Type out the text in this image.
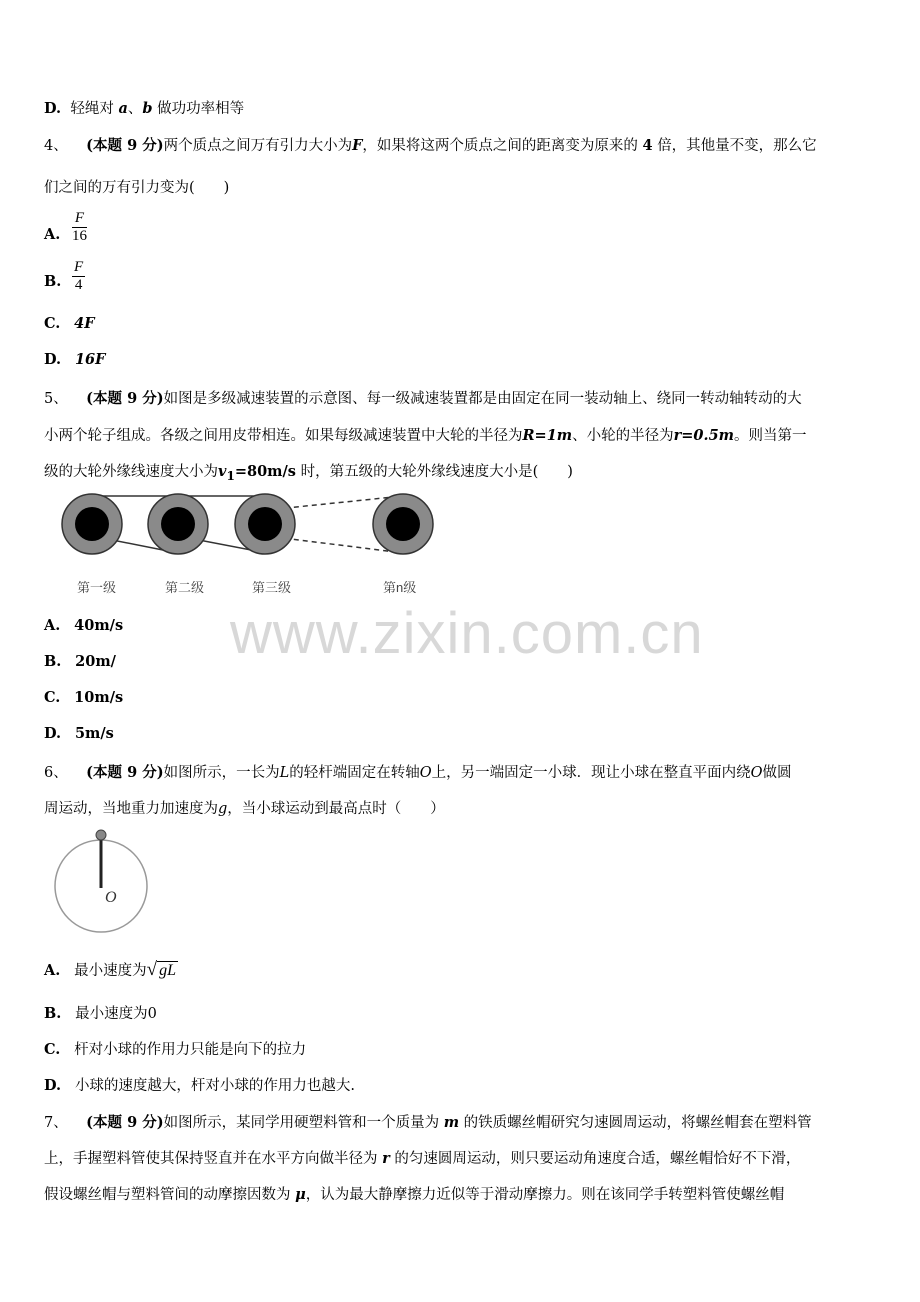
www.zixin.com.cn
D. 轻绳对 a、b 做功功率相等
4、 (本题 9 分)两个质点之间万有引力大小为F，如果将这两个质点之间的距离变为原来的 4 倍，其他量不变，那么它
们之间的万有引力变为(　　)
A.
F
16
B.
F
4
C. 4F
D. 16F
5、 (本题 9 分)如图是多级减速装置的示意图、每一级减速装置都是由固定在同一装动轴上、绕同一转动轴转动的大
小两个轮子组成。各级之间用皮带相连。如果每级减速装置中大轮的半径为R=1m、小轮的半径为r=0.5m。则当第一
级的大轮外缘线速度大小为$v_1=80m/s$ 时，第五级的大轮外缘线速度大小是(　　)
第一级	第二级	第三级	第n级
A. 40m/s
B. 20m/
C. 10m/s
D. 5m/s
6、 (本题 9 分)如图所示，一长为L的轻杆端固定在转轴O上，另一端固定一小球．现让小球在整直平面内绕O做圆
周运动，当地重力加速度为g，当小球运动到最高点时（　　）
O
A. 最小速度为√ gL
B. 最小速度为0
C. 杆对小球的作用力只能是向下的拉力
D. 小球的速度越大，杆对小球的作用力也越大.
7、 (本题 9 分)如图所示，某同学用硬塑料管和一个质量为 m 的铁质螺丝帽研究匀速圆周运动，将螺丝帽套在塑料管
上，手握塑料管使其保持竖直并在水平方向做半径为 r 的匀速圆周运动，则只要运动角速度合适，螺丝帽恰好不下滑，
假设螺丝帽与塑料管间的动摩擦因数为 μ，认为最大静摩擦力近似等于滑动摩擦力。则在该同学手转塑料管使螺丝帽
